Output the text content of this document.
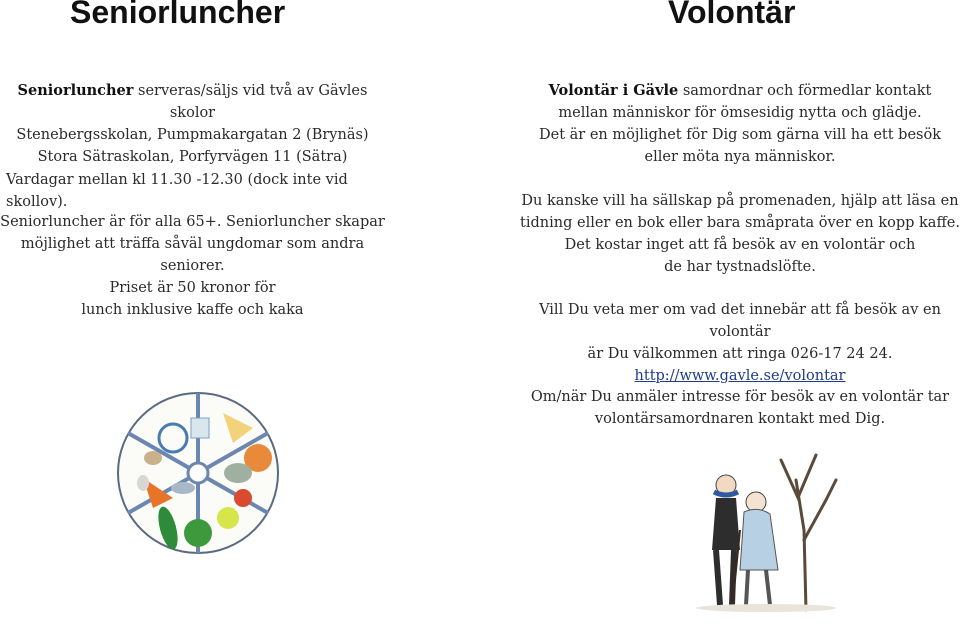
Seniorluncher
Seniorluncher serveras/säljs vid två av Gävles skolor
Stenebergsskolan, Pumpmakargatan 2 (Brynäs)
Stora Sätraskolan, Porfyrvägen 11 (Sätra)
Vardagar mellan kl 11.30 -12.30 (dock inte vid skollov).
Seniorluncher är för alla 65+. Seniorluncher skapar
möjlighet att träffa såväl ungdomar som andra seniorer.
Priset är 50 kronor för
lunch inklusive kaffe och kaka
Volontär
Volontär i Gävle samordnar och förmedlar kontakt
mellan människor för ömsesidig nytta och glädje.
Det är en möjlighet för Dig som gärna vill ha ett besök
eller möta nya människor.
Du kanske vill ha sällskap på promenaden, hjälp att läsa en
tidning eller en bok eller bara småprata över en kopp kaffe.
Det kostar inget att få besök av en volontär och
de har tystnadslöfte.
Vill Du veta mer om vad det innebär att få besök av en volontär
är Du välkommen att ringa 026-17 24 24.
http://www.gavle.se/volontar
Om/när Du anmäler intresse för besök av en volontär tar
volontärsamordnaren kontakt med Dig.
